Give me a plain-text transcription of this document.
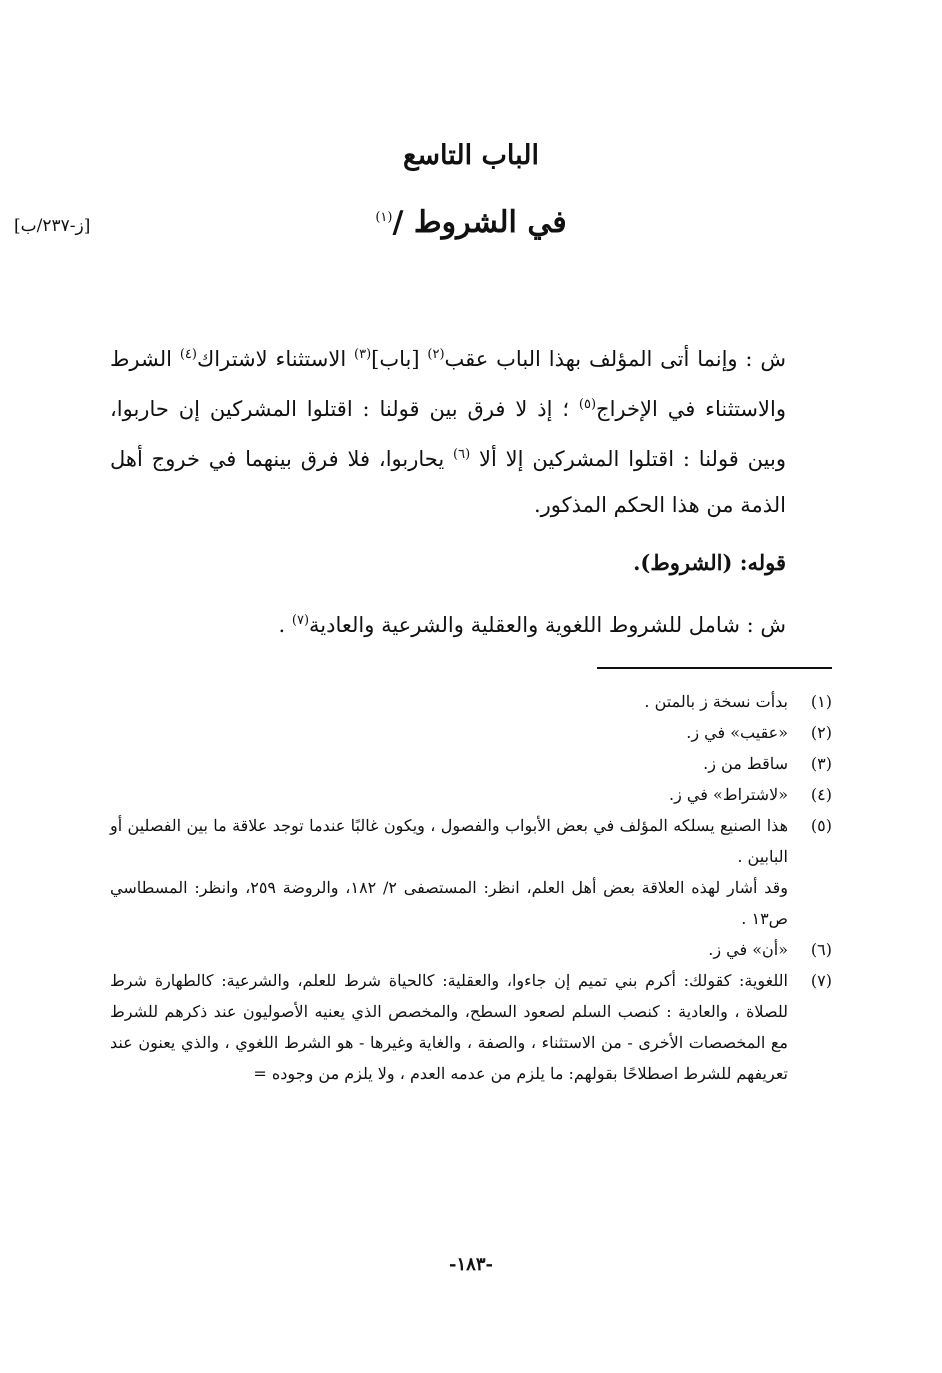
الباب التاسع
في الشروط /$^{(١)}$
[ز-٢٣٧/ب]

ش : وإنما أتى المؤلف بهذا الباب عقب$^{(٢)}$ [باب]$^{(٣)}$ الاستثناء لاشتراك$^{(٤)}$ الشرط والاستثناء في الإخراج$^{(٥)}$ ؛ إذ لا فرق بين قولنا : اقتلوا المشركين إن حاربوا، وبين قولنا : اقتلوا المشركين إلا ألا $^{(٦)}$ يحاربوا، فلا فرق بينهما في خروج أهل الذمة من هذا الحكم المذكور.

قوله: (الشروط).

ش : شامل للشروط اللغوية والعقلية والشرعية والعادية$^{(٧)}$ .

(١)
بدأت نسخة ز بالمتن .
(٢)
«عقيب» في ز.
(٣)
ساقط من ز.
(٤)
«لاشتراط» في ز.
(٥)
هذا الصنيع يسلكه المؤلف في بعض الأبواب والفصول ، ويكون غالبًا عندما توجد علاقة ما بين الفصلين أو البابين .
وقد أشار لهذه العلاقة بعض أهل العلم، انظر: المستصفى ٢/ ١٨٢، والروضة ٢٥٩، وانظر: المسطاسي ص١٣ .
(٦)
«أن» في ز.
(٧)
اللغوية: كقولك: أكرم بني تميم إن جاءوا، والعقلية: كالحياة شرط للعلم، والشرعية: كالطهارة شرط للصلاة ، والعادية : كنصب السلم لصعود السطح، والمخصص الذي يعنيه الأصوليون عند ذكرهم للشرط مع المخصصات الأخرى - من الاستثناء ، والصفة ، والغاية وغيرها - هو الشرط اللغوي ، والذي يعنون عند تعريفهم للشرط اصطلاحًا بقولهم: ما يلزم من عدمه العدم ، ولا يلزم من وجوده =
-١٨٣-
